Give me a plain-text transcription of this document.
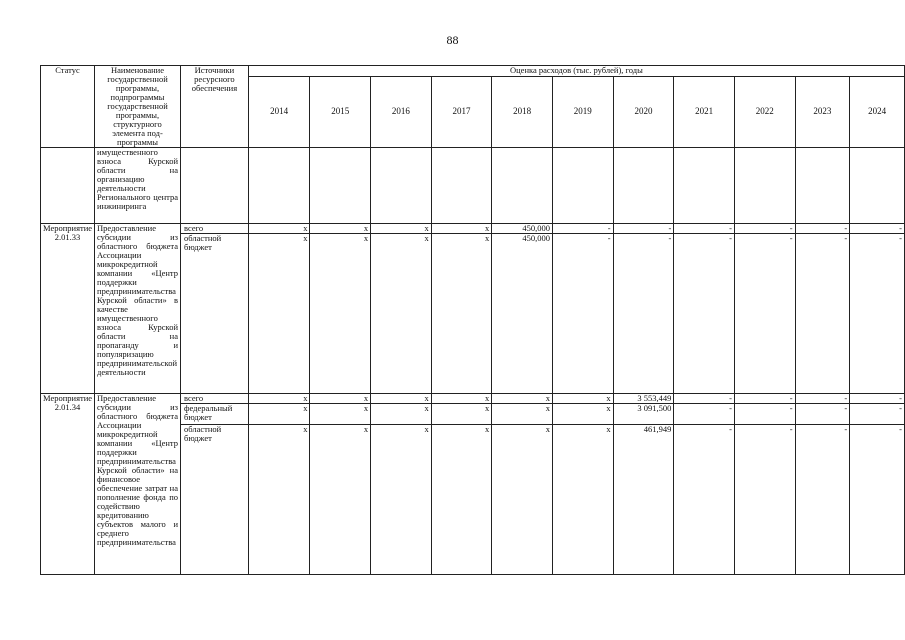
88
Статус	Наименование государственной программы, подпрограммы государственной программы, структурного элемента под-программы	Источники ресурсного обеспечения	Оценка расходов (тыс. рублей), годы										
			2014	2015	2016	2017	2018	2019	2020	2021	2022	2023	2024
	имущественного взноса Курской области на организацию деятельности Регионального центра инжиниринга												
Мероприятие 2.01.33	Предоставление субсидии из областного бюджета Ассоциации микрокредитной компании «Центр поддержки предпринимательства Курской области» в качестве имущественного взноса Курской области на пропаганду и популяризацию предпринимательской деятельности	всего	x	x	x	x	450,000	-	-	-	-	-	-
		областной бюджет	x	x	x	x	450,000	-	-	-	-	-	-
Мероприятие 2.01.34	Предоставление субсидии из областного бюджета Ассоциации микрокредитной компании «Центр поддержки предпринимательства Курской области» на финансовое обеспечение затрат на пополнение фонда по содействию кредитованию субъектов малого и среднего предпринимательства	всего	x	x	x	x	x	x	3 553,449	-	-	-	-
		федеральный бюджет	x	x	x	x	x	x	3 091,500	-	-	-	-
		областной бюджет	x	x	x	x	x	x	461,949	-	-	-	-
